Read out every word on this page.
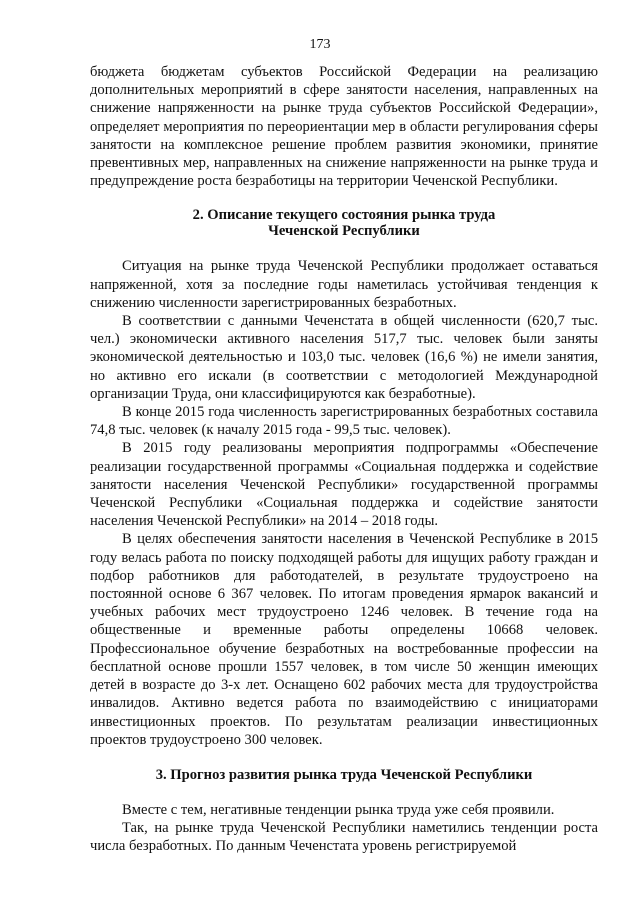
173

бюджета бюджетам субъектов Российской Федерации на реализацию дополнительных мероприятий в сфере занятости населения, направленных на снижение напряженности на рынке труда субъектов Российской Федерации», определяет мероприятия по переориентации мер в области регулирования сферы занятости на комплексное решение проблем развития экономики, принятие превентивных мер, направленных на снижение напряженности на рынке труда и предупреждение роста безработицы на территории Чеченской Республики.

2. Описание текущего состояния рынка труда
Чеченской Республики

Ситуация на рынке труда Чеченской Республики продолжает оставаться напряженной, хотя за последние годы наметилась устойчивая тенденция к снижению численности зарегистрированных безработных.

В соответствии с данными Чеченстата в общей численности (620,7 тыс. чел.) экономически активного населения 517,7 тыс. человек были заняты экономической деятельностью и 103,0 тыс. человек (16,6 %) не имели занятия, но активно его искали (в соответствии с методологией Международной организации Труда, они классифицируются как безработные).

В конце 2015 года численность зарегистрированных безработных составила 74,8 тыс. человек (к началу 2015 года - 99,5 тыс. человек).

В 2015 году реализованы мероприятия подпрограммы «Обеспечение реализации государственной программы «Социальная поддержка и содействие занятости населения Чеченской Республики» государственной программы Чеченской Республики «Социальная поддержка и содействие занятости населения Чеченской Республики» на 2014 – 2018 годы.

В целях обеспечения занятости населения в Чеченской Республике в 2015 году велась работа по поиску подходящей работы для ищущих работу граждан и подбор работников для работодателей, в результате трудоустроено на постоянной основе 6 367 человек. По итогам проведения ярмарок вакансий и учебных рабочих мест трудоустроено 1246 человек. В течение года на общественные и временные работы определены 10668 человек. Профессиональное обучение безработных на востребованные профессии на бесплатной основе прошли 1557 человек, в том числе 50 женщин имеющих детей в возрасте до 3-х лет. Оснащено 602 рабочих места для трудоустройства инвалидов. Активно ведется работа по взаимодействию с инициаторами инвестиционных проектов. По результатам реализации инвестиционных проектов трудоустроено 300 человек.

3. Прогноз развития рынка труда Чеченской Республики

Вместе с тем, негативные тенденции рынка труда уже себя проявили.

Так, на рынке труда Чеченской Республики наметились тенденции роста числа безработных. По данным Чеченстата уровень регистрируемой
